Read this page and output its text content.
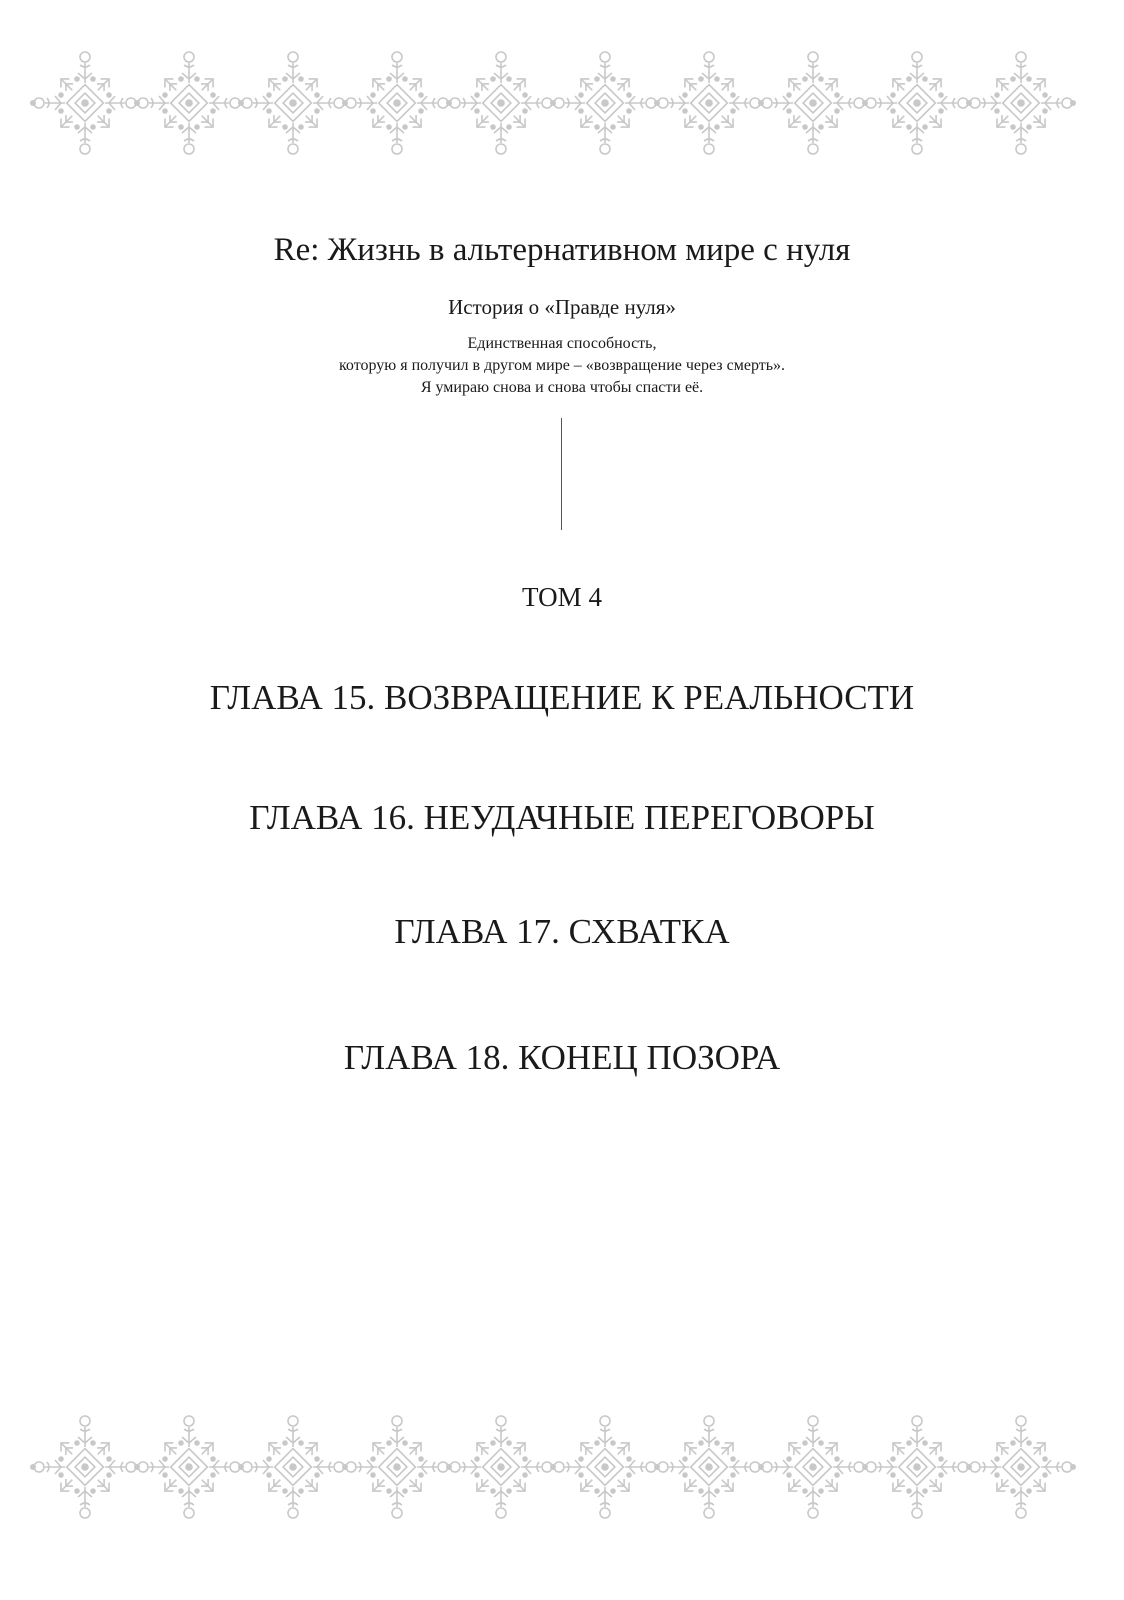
Re: Жизнь в альтернативном мире с нуля
История о «Правде нуля»
Единственная способность,
которую я получил в другом мире – «возвращение через смерть».
Я умираю снова и снова чтобы спасти её.
ТОМ 4
ГЛАВА 15. ВОЗВРАЩЕНИЕ К РЕАЛЬНОСТИ
ГЛАВА 16. НЕУДАЧНЫЕ ПЕРЕГОВОРЫ
ГЛАВА 17. СХВАТКА
ГЛАВА 18. КОНЕЦ ПОЗОРА
